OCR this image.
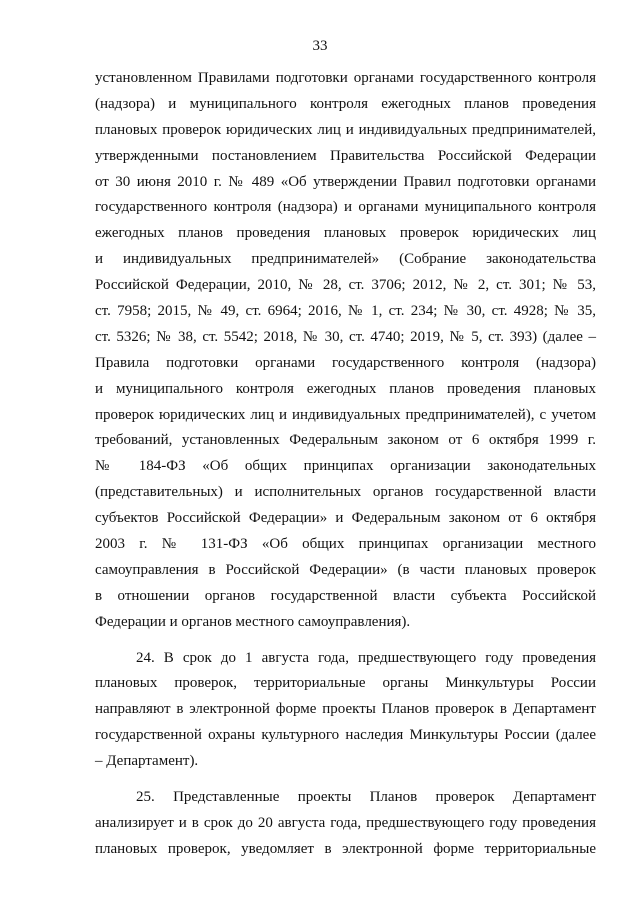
33
установленном Правилами подготовки органами государственного контроля
(надзора) и муниципального контроля ежегодных планов проведения
плановых проверок юридических лиц и индивидуальных предпринимателей,
утвержденными постановлением Правительства Российской Федерации
от 30 июня 2010 г. № 489 «Об утверждении Правил подготовки органами
государственного контроля (надзора) и органами муниципального контроля
ежегодных планов проведения плановых проверок юридических лиц
и индивидуальных предпринимателей» (Собрание законодательства
Российской Федерации, 2010, № 28, ст. 3706; 2012, № 2, ст. 301; № 53,
ст. 7958; 2015, № 49, ст. 6964; 2016, № 1, ст. 234; № 30, ст. 4928; № 35,
ст. 5326; № 38, ст. 5542; 2018, № 30, ст. 4740; 2019, № 5, ст. 393) (далее –
Правила подготовки органами государственного контроля (надзора)
и муниципального контроля ежегодных планов проведения плановых
проверок юридических лиц и индивидуальных предпринимателей), с учетом
требований, установленных Федеральным законом от 6 октября 1999 г.
№ 184-ФЗ «Об общих принципах организации законодательных
(представительных) и исполнительных органов государственной власти
субъектов Российской Федерации» и Федеральным законом от 6 октября
2003 г. № 131-ФЗ «Об общих принципах организации местного
самоуправления в Российской Федерации» (в части плановых проверок
в отношении органов государственной власти субъекта Российской
Федерации и органов местного самоуправления).
24. В срок до 1 августа года, предшествующего году проведения
плановых проверок, территориальные органы Минкультуры России
направляют в электронной форме проекты Планов проверок в Департамент
государственной охраны культурного наследия Минкультуры России (далее
– Департамент).
25. Представленные проекты Планов проверок Департамент
анализирует и в срок до 20 августа года, предшествующего году проведения
плановых проверок, уведомляет в электронной форме территориальные
